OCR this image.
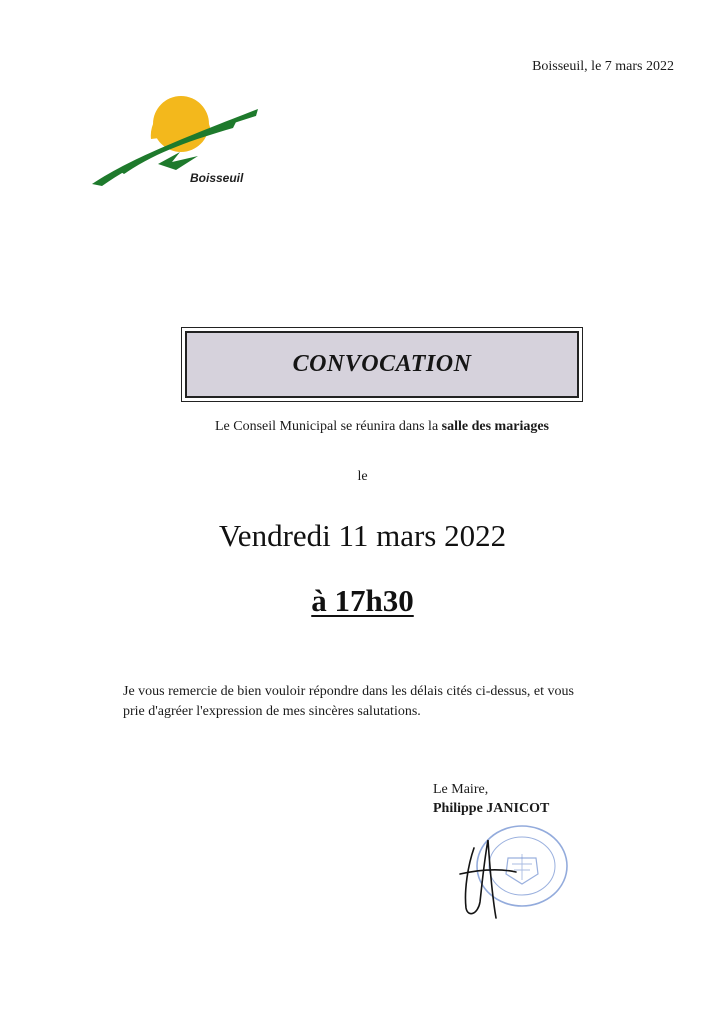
Boisseuil, le 7 mars 2022
Boisseuil
CONVOCATION
Le Conseil Municipal se réunira dans la salle des mariages
le
Vendredi 11 mars 2022
à 17h30
Je vous remercie de bien vouloir répondre dans les délais cités ci-dessus, et vous prie d'agréer l'expression de mes sincères salutations.
Le Maire,
Philippe JANICOT
